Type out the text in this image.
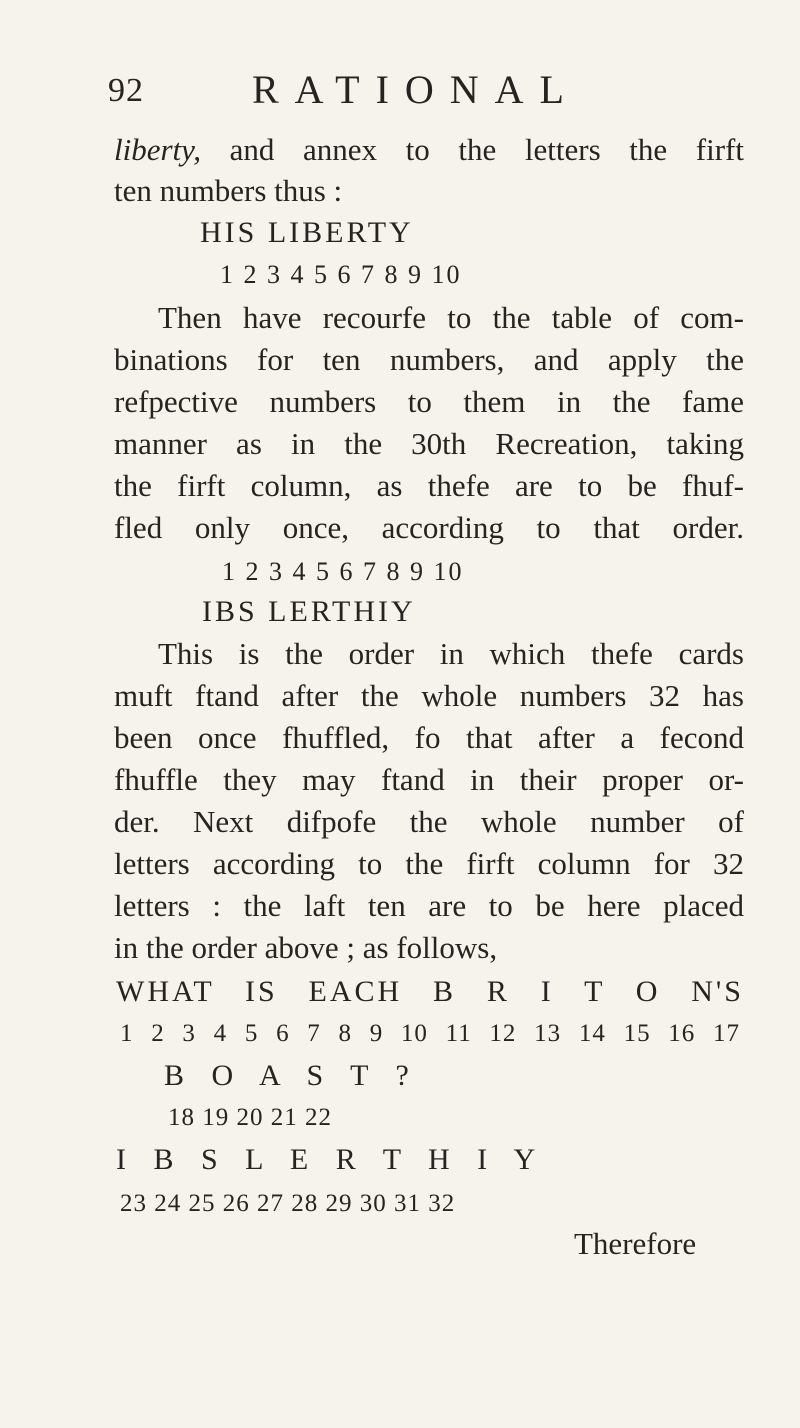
92	RATIONAL
liberty, and annex to the letters the firft
ten numbers thus :
HIS LIBERTY
1 2 3 4 5 6 7 8 9 10
Then have recourfe to the table of com-
binations for ten numbers, and apply the
refpective numbers to them in the fame
manner as in the 30th Recreation, taking
the firft column, as thefe are to be fhuf-
fled only once, according to that order.
1 2 3 4 5 6 7 8 9 10
IBS LERTHIY
This is the order in which thefe cards
muft ftand after the whole numbers 32 has
been once fhuffled, fo that after a fecond
fhuffle they may ftand in their proper or-
der. Next difpofe the whole number of
letters according to the firft column for 32
letters : the laft ten are to be here placed
in the order above ; as follows,
WHAT IS EACH B R I T O N'S
1 2 3 4 5 6 7 8 9 10 11 12 13 14 15 16 17
B O A S T ?
18 19 20 21 22
I B S L E R T H I Y
23 24 25 26 27 28 29 30 31 32
Therefore
